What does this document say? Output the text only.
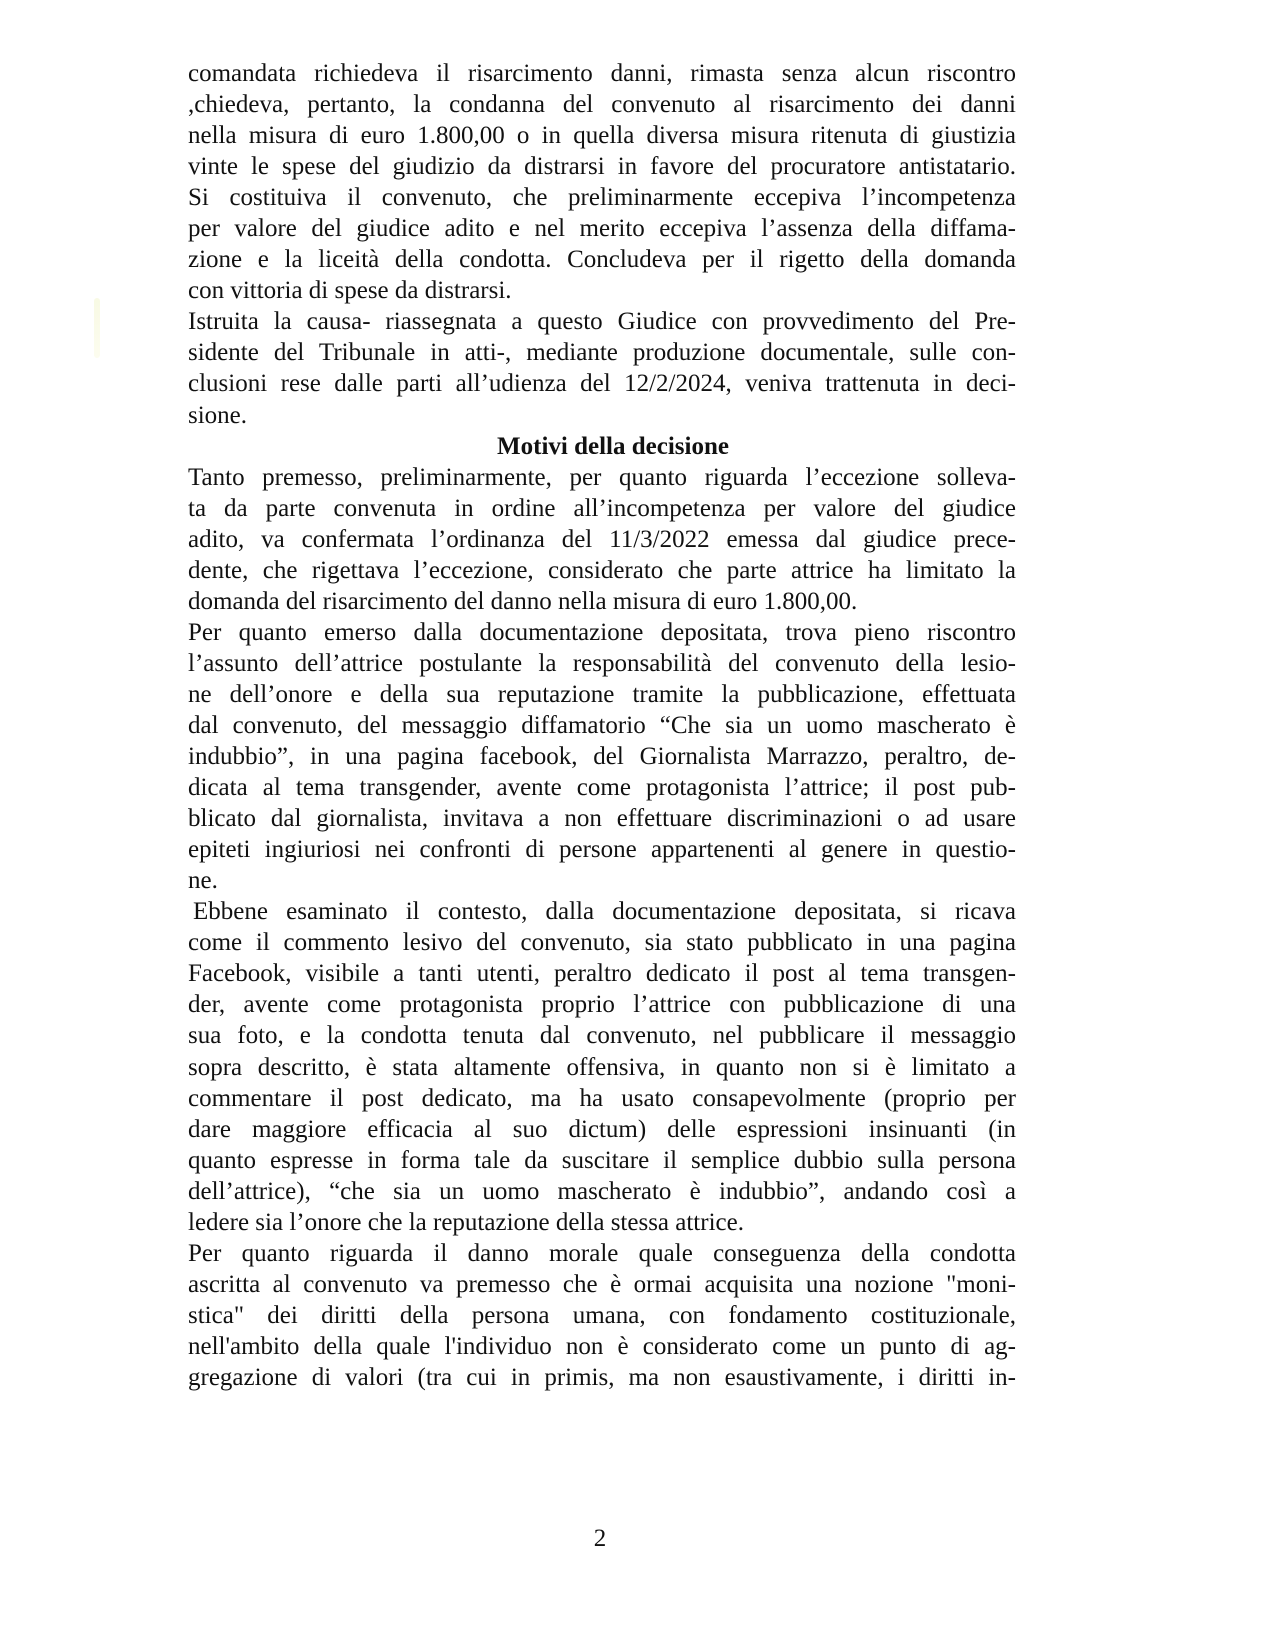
comandata richiedeva il risarcimento danni, rimasta senza alcun riscontro
,chiedeva, pertanto, la condanna del convenuto al risarcimento dei danni
nella misura di euro 1.800,00 o in quella diversa misura ritenuta di giustizia
vinte le spese del giudizio da distrarsi in favore del procuratore antistatario.
Si costituiva il convenuto, che preliminarmente eccepiva l’incompetenza
per valore del giudice adito e nel merito eccepiva l’assenza della diffama-
zione e la liceità della condotta. Concludeva per il rigetto della domanda
con vittoria di spese da distrarsi.
Istruita la causa- riassegnata a questo Giudice con provvedimento del Pre-
sidente del Tribunale in atti-, mediante produzione documentale, sulle con-
clusioni rese dalle parti all’udienza del 12/2/2024, veniva trattenuta in deci-
sione.
Motivi della decisione
Tanto premesso, preliminarmente, per quanto riguarda l’eccezione solleva-
ta da parte convenuta in ordine all’incompetenza per valore del giudice
adito, va confermata l’ordinanza del 11/3/2022 emessa dal giudice prece-
dente, che rigettava l’eccezione, considerato che parte attrice ha limitato la
domanda del risarcimento del danno nella misura di euro 1.800,00.
Per quanto emerso dalla documentazione depositata, trova pieno riscontro
l’assunto dell’attrice postulante la responsabilità del convenuto della lesio-
ne dell’onore e della sua reputazione tramite la pubblicazione, effettuata
dal convenuto, del messaggio diffamatorio “Che sia un uomo mascherato è
indubbio”, in una pagina facebook, del Giornalista Marrazzo, peraltro, de-
dicata al tema transgender, avente come protagonista l’attrice; il post pub-
blicato dal giornalista, invitava a non effettuare discriminazioni o ad usare
epiteti ingiuriosi nei confronti di persone appartenenti al genere in questio-
ne.
Ebbene esaminato il contesto, dalla documentazione depositata, si ricava
come il commento lesivo del convenuto, sia stato pubblicato in una pagina
Facebook, visibile a tanti utenti, peraltro dedicato il post al tema transgen-
der, avente come protagonista proprio l’attrice con pubblicazione di una
sua foto, e la condotta tenuta dal convenuto, nel pubblicare il messaggio
sopra descritto, è stata altamente offensiva, in quanto non si è limitato a
commentare il post dedicato, ma ha usato consapevolmente (proprio per
dare maggiore efficacia al suo dictum) delle espressioni insinuanti (in
quanto espresse in forma tale da suscitare il semplice dubbio sulla persona
dell’attrice), “che sia un uomo mascherato è indubbio”, andando così a
ledere sia l’onore che la reputazione della stessa attrice.
Per quanto riguarda il danno morale quale conseguenza della condotta
ascritta al convenuto va premesso che è ormai acquisita una nozione "moni-
stica" dei diritti della persona umana, con fondamento costituzionale,
nell'ambito della quale l'individuo non è considerato come un punto di ag-
gregazione di valori (tra cui in primis, ma non esaustivamente, i diritti in-
2
